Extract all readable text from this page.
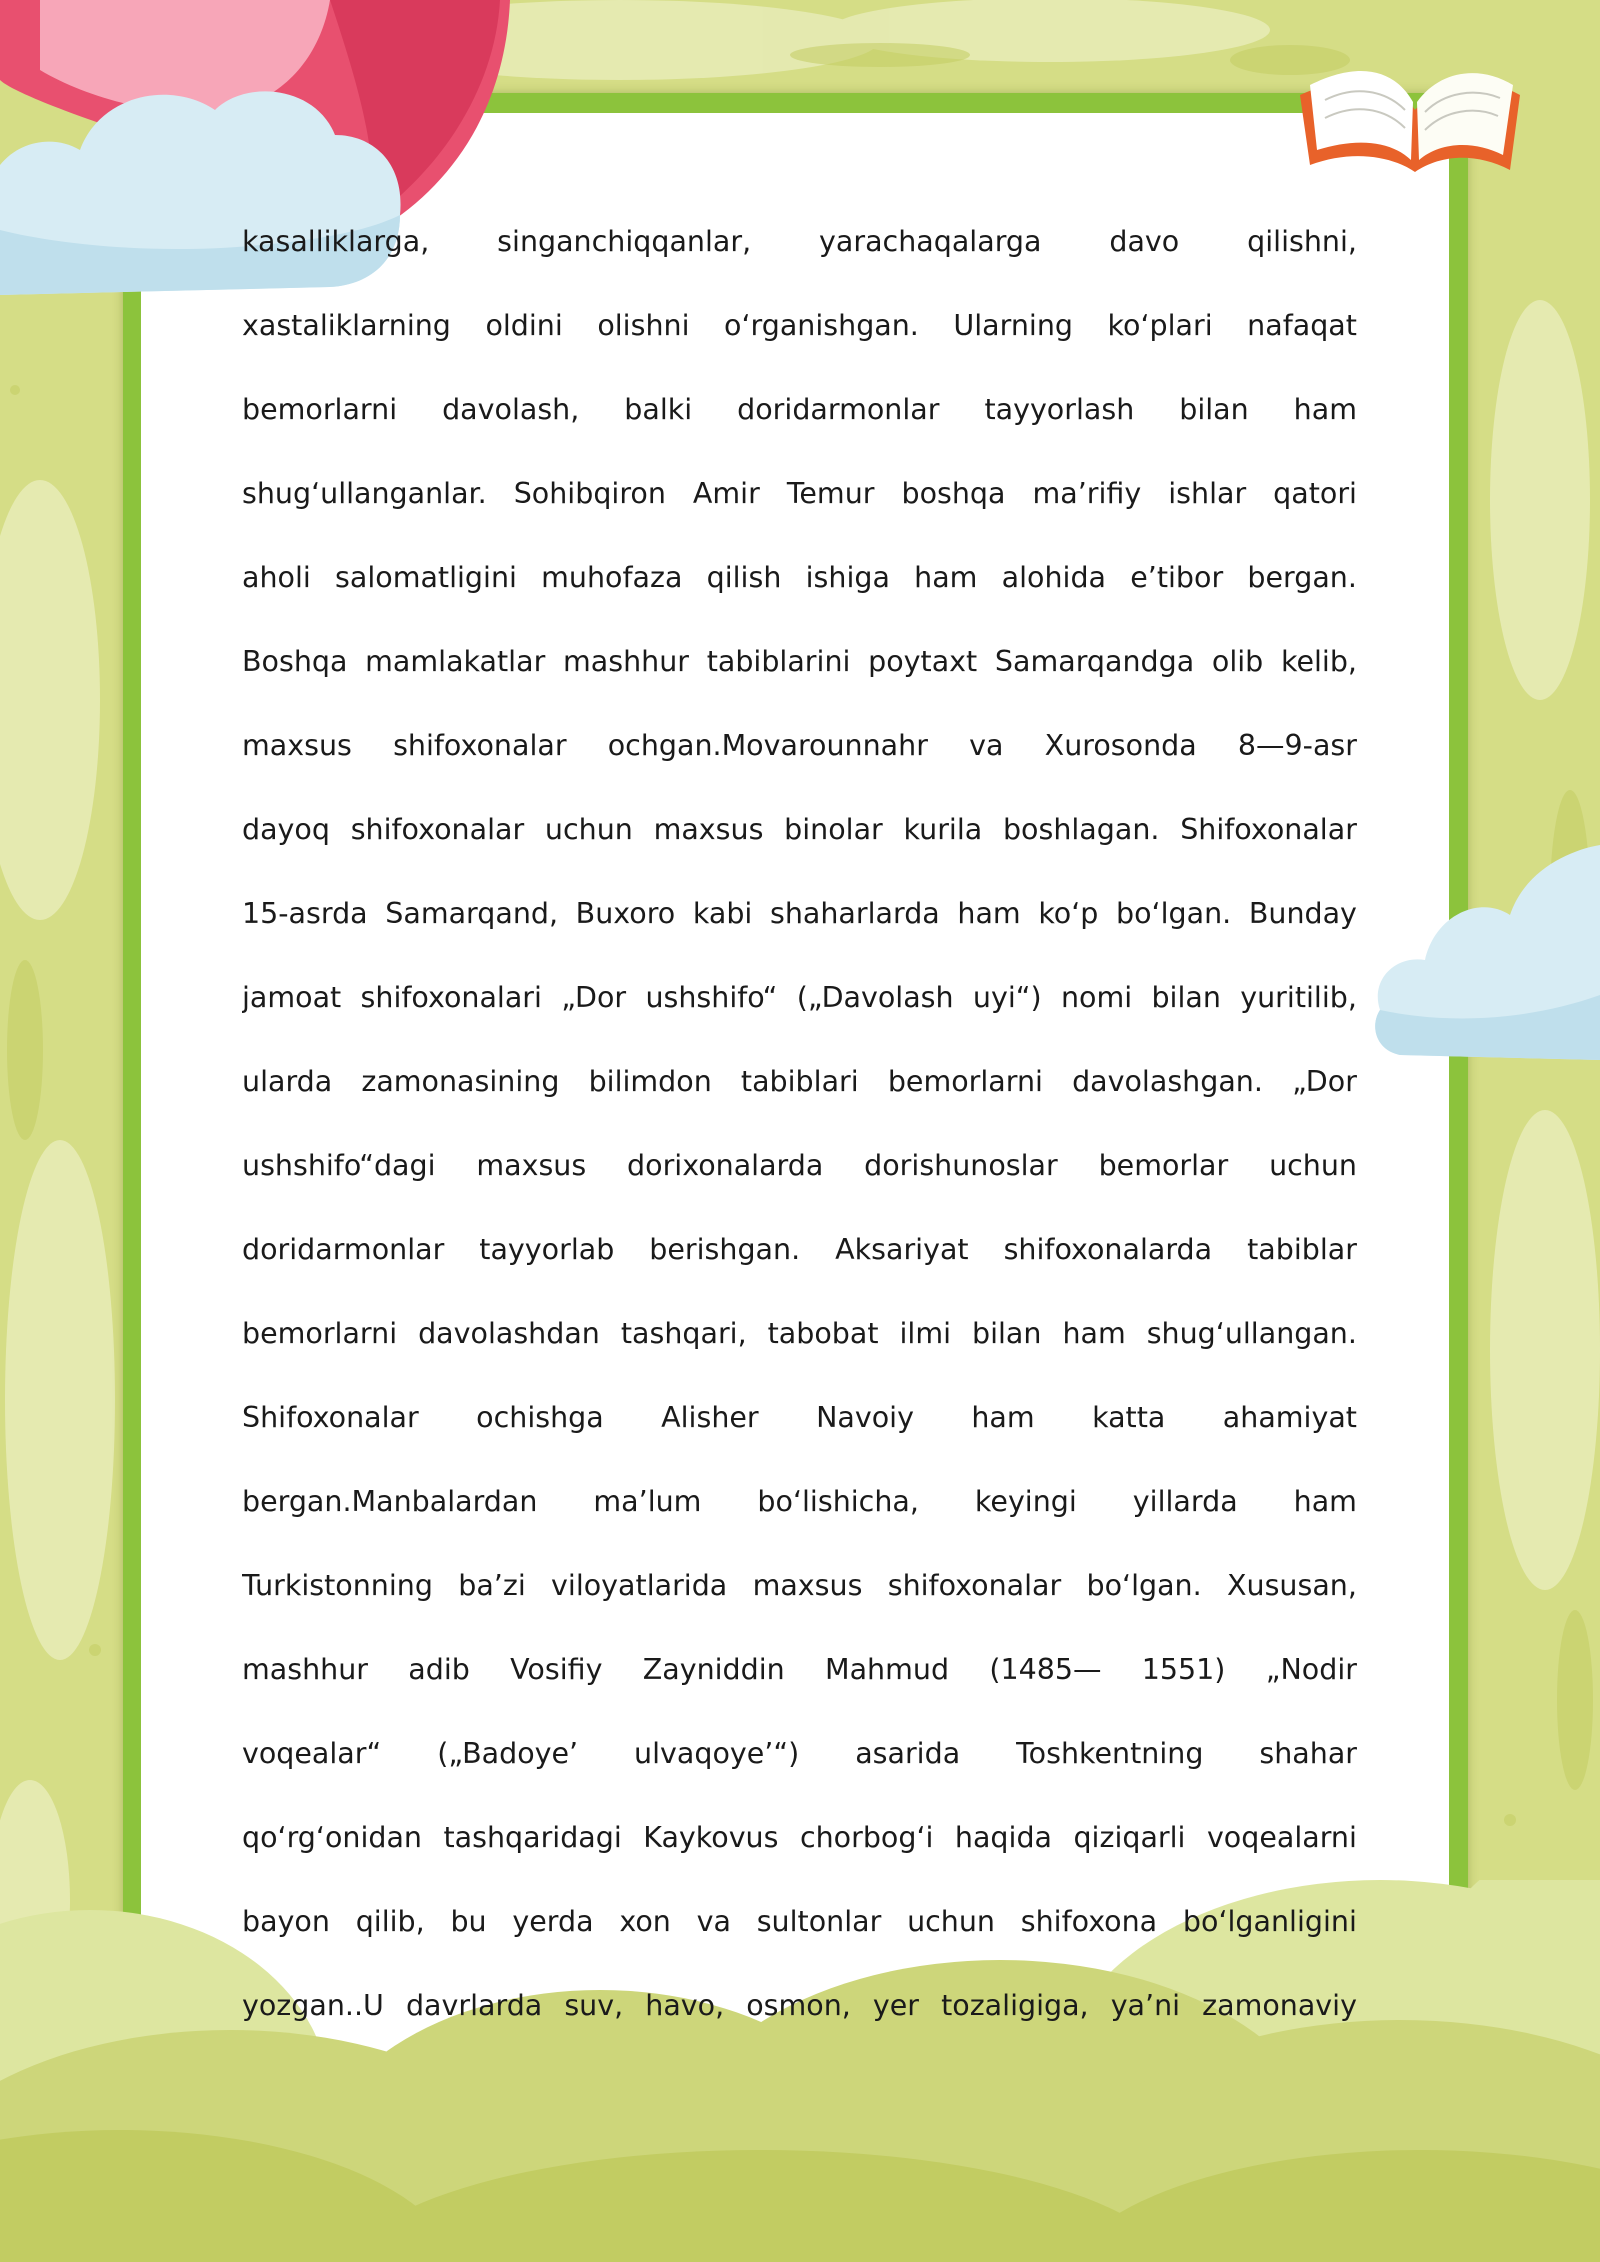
kasalliklarga, singanchiqqanlar, yarachaqalarga davo qilishni,
xastaliklarning oldini olishni oʻrganishgan. Ularning koʻplari nafaqat
bemorlarni davolash, balki doridarmonlar tayyorlash bilan ham
shugʻullanganlar. Sohibqiron Amir Temur boshqa ma’rifiy ishlar qatori
aholi salomatligini muhofaza qilish ishiga ham alohida e’tibor bergan.
Boshqa mamlakatlar mashhur tabiblarini poytaxt Samarqandga olib kelib,
maxsus shifoxonalar ochgan.Movarounnahr va Xurosonda 8—9-asr
dayoq shifoxonalar uchun maxsus binolar kurila boshlagan. Shifoxonalar
15-asrda Samarqand, Buxoro kabi shaharlarda ham koʻp boʻlgan. Bunday
jamoat shifoxonalari „Dor ushshifo“ („Davolash uyi“) nomi bilan yuritilib,
ularda zamonasining bilimdon tabiblari bemorlarni davolashgan. „Dor
ushshifo“dagi maxsus dorixonalarda dorishunoslar bemorlar uchun
doridarmonlar tayyorlab berishgan. Aksariyat shifoxonalarda tabiblar
bemorlarni davolashdan tashqari, tabobat ilmi bilan ham shugʻullangan.
Shifoxonalar ochishga Alisher Navoiy ham katta ahamiyat
bergan.Manbalardan ma’lum boʻlishicha, keyingi yillarda ham
Turkistonning ba’zi viloyatlarida maxsus shifoxonalar boʻlgan. Xususan,
mashhur adib Vosifiy Zayniddin Mahmud (1485— 1551) „Nodir
voqealar“ („Badoye’ ulvaqoye’“) asarida Toshkentning shahar
qoʻrgʻonidan tashqaridagi Kaykovus chorbogʻi haqida qiziqarli voqealarni
bayon qilib, bu yerda xon va sultonlar uchun shifoxona boʻlganligini
yozgan..U davrlarda suv, havo, osmon, yer tozaligiga, ya’ni zamonaviy
